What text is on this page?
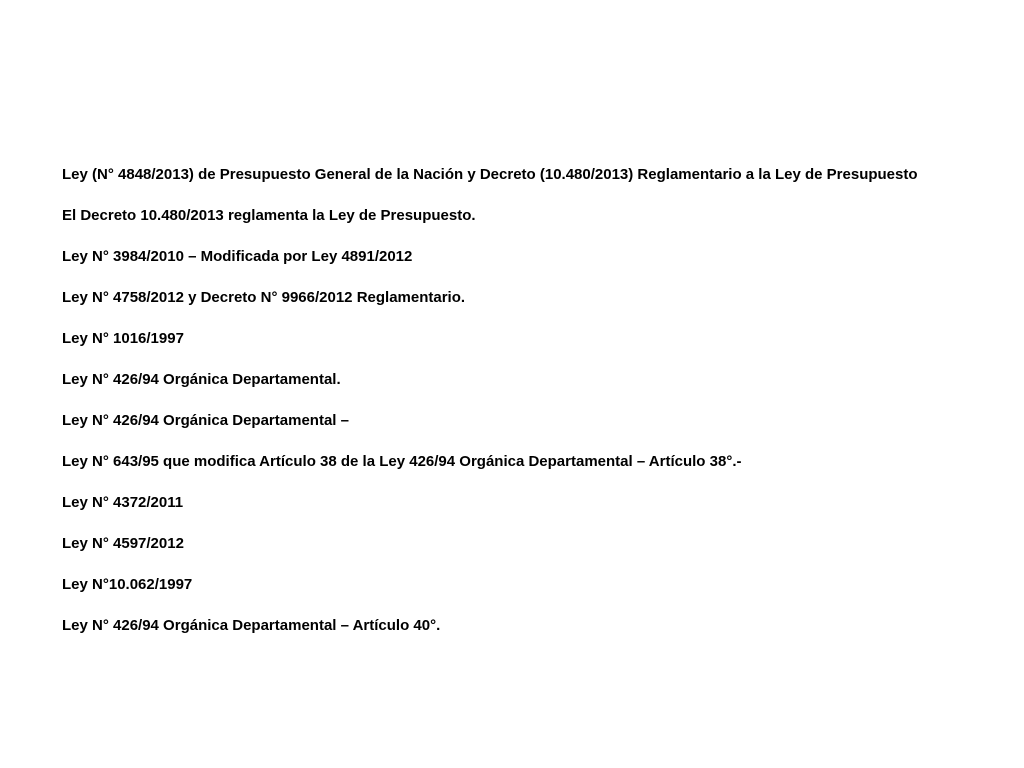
Ley (N° 4848/2013) de Presupuesto General de la Nación y Decreto (10.480/2013) Reglamentario a la Ley de Presupuesto
El Decreto 10.480/2013 reglamenta la Ley de Presupuesto.
Ley N° 3984/2010 – Modificada por Ley 4891/2012
Ley N° 4758/2012 y Decreto N° 9966/2012 Reglamentario.
Ley N° 1016/1997
Ley N° 426/94 Orgánica Departamental.
Ley N° 426/94 Orgánica Departamental –
Ley N° 643/95 que modifica Artículo 38 de la Ley 426/94 Orgánica Departamental – Artículo 38°.-
Ley N° 4372/2011
Ley N° 4597/2012
Ley N°10.062/1997
Ley N° 426/94 Orgánica Departamental – Artículo 40°.
